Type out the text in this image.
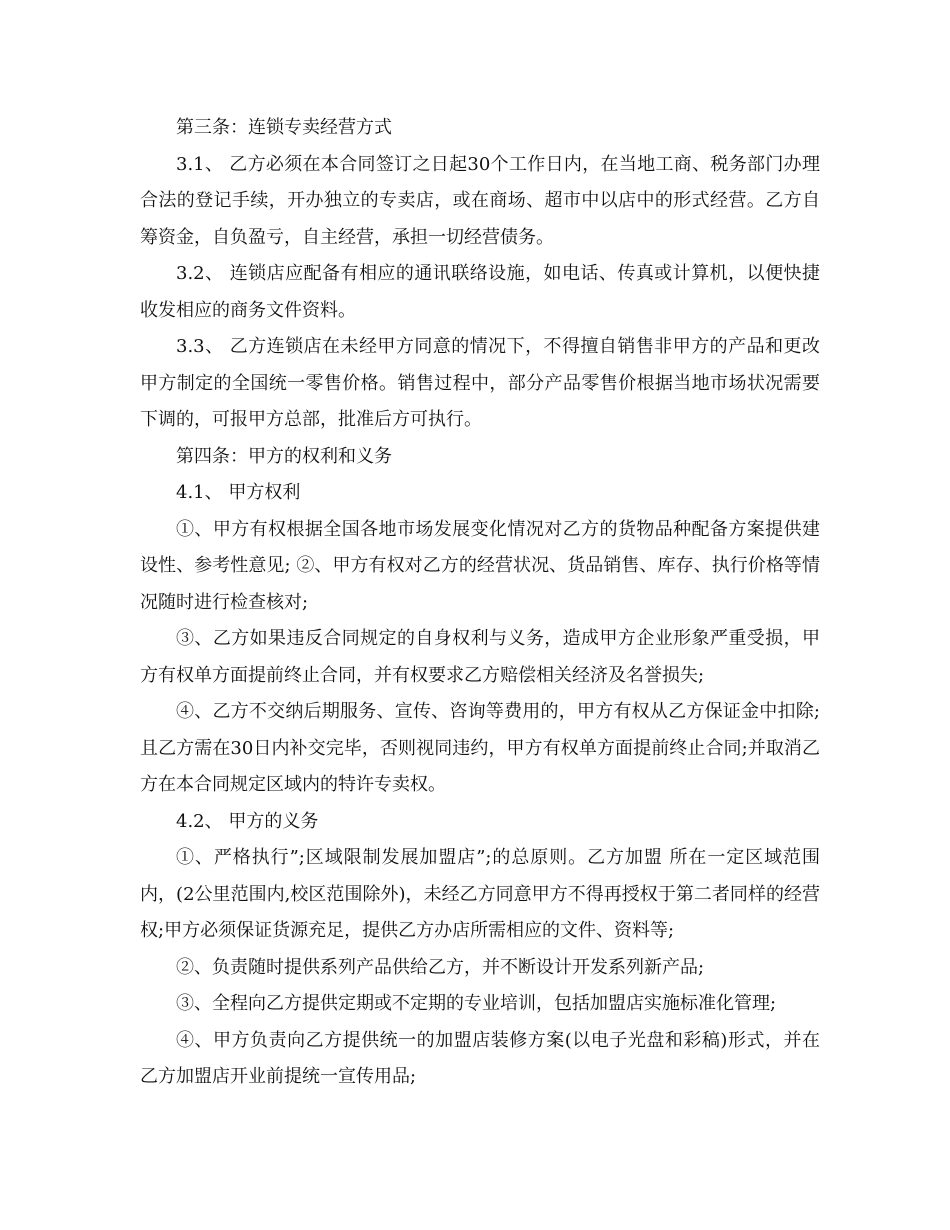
第三条：连锁专卖经营方式

3.1、 乙方必须在本合同签订之日起30个工作日内，在当地工商、税务部门办理合法的登记手续，开办独立的专卖店，或在商场、超市中以店中的形式经营。乙方自筹资金，自负盈亏，自主经营，承担一切经营债务。

3.2、 连锁店应配备有相应的通讯联络设施，如电话、传真或计算机，以便快捷收发相应的商务文件资料。

3.3、 乙方连锁店在未经甲方同意的情况下，不得擅自销售非甲方的产品和更改甲方制定的全国统一零售价格。销售过程中，部分产品零售价根据当地市场状况需要下调的，可报甲方总部，批准后方可执行。

第四条：甲方的权利和义务

4.1、 甲方权利

①、甲方有权根据全国各地市场发展变化情况对乙方的货物品种配备方案提供建设性、参考性意见; ②、甲方有权对乙方的经营状况、货品销售、库存、执行价格等情况随时进行检查核对;

③、乙方如果违反合同规定的自身权利与义务，造成甲方企业形象严重受损，甲方有权单方面提前终止合同，并有权要求乙方赔偿相关经济及名誉损失;

④、乙方不交纳后期服务、宣传、咨询等费用的，甲方有权从乙方保证金中扣除;且乙方需在30日内补交完毕，否则视同违约，甲方有权单方面提前终止合同;并取消乙方在本合同规定区域内的特许专卖权。

4.2、 甲方的义务

①、严格执行”;区域限制发展加盟店”;的总原则。乙方加盟 所在一定区域范围内，(2公里范围内,校区范围除外)，未经乙方同意甲方不得再授权于第二者同样的经营权;甲方必须保证货源充足，提供乙方办店所需相应的文件、资料等;

②、负责随时提供系列产品供给乙方，并不断设计开发系列新产品;

③、全程向乙方提供定期或不定期的专业培训，包括加盟店实施标准化管理;

④、甲方负责向乙方提供统一的加盟店装修方案(以电子光盘和彩稿)形式，并在乙方加盟店开业前提统一宣传用品;
